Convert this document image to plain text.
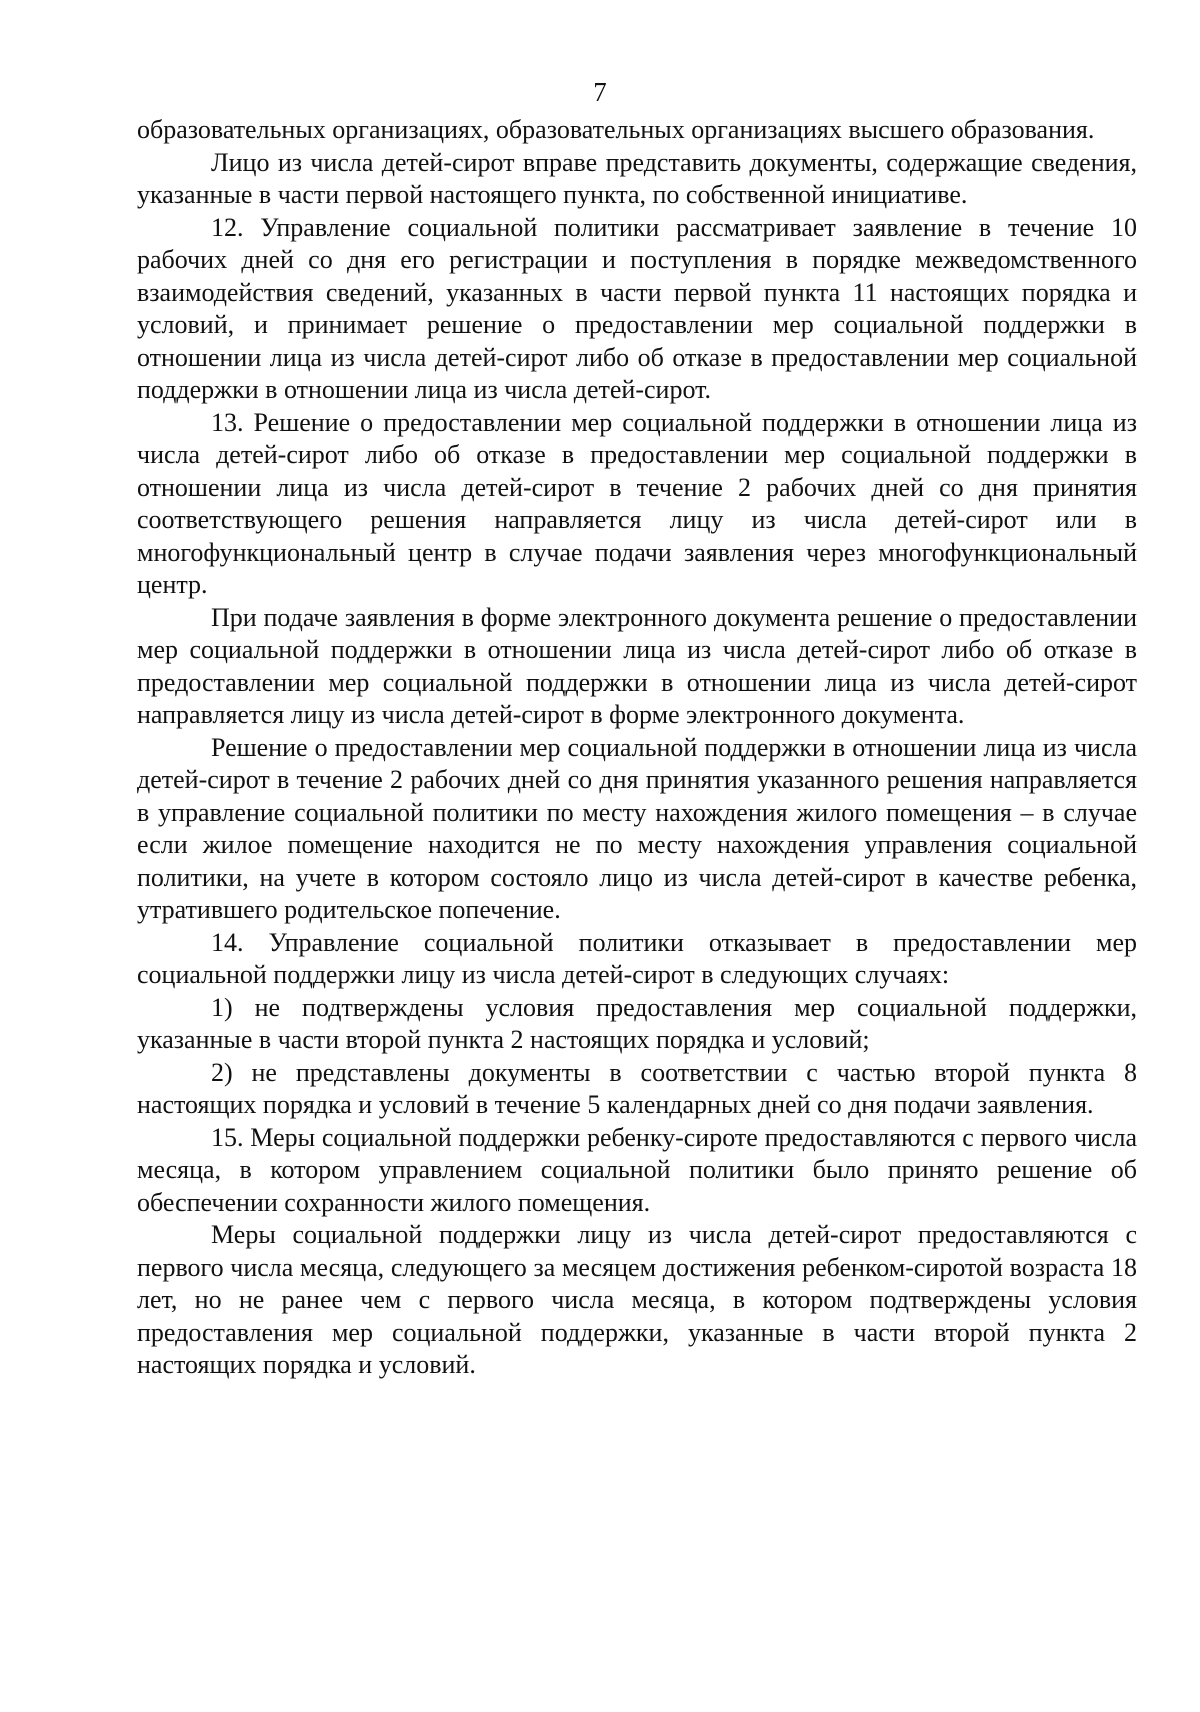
7

образовательных организациях, образовательных организациях высшего образования.

Лицо из числа детей-сирот вправе представить документы, содержащие сведения, указанные в части первой настоящего пункта, по собственной инициативе.

12. Управление социальной политики рассматривает заявление в течение 10 рабочих дней со дня его регистрации и поступления в порядке межведомственного взаимодействия сведений, указанных в части первой пункта 11 настоящих порядка и условий, и принимает решение о предоставлении мер социальной поддержки в отношении лица из числа детей-сирот либо об отказе в предоставлении мер социальной поддержки в отношении лица из числа детей-сирот.

13. Решение о предоставлении мер социальной поддержки в отношении лица из числа детей-сирот либо об отказе в предоставлении мер социальной поддержки в отношении лица из числа детей-сирот в течение 2 рабочих дней со дня принятия соответствующего решения направляется лицу из числа детей-сирот или в многофункциональный центр в случае подачи заявления через многофункциональный центр.

При подаче заявления в форме электронного документа решение о предоставлении мер социальной поддержки в отношении лица из числа детей-сирот либо об отказе в предоставлении мер социальной поддержки в отношении лица из числа детей-сирот направляется лицу из числа детей-сирот в форме электронного документа.

Решение о предоставлении мер социальной поддержки в отношении лица из числа детей-сирот в течение 2 рабочих дней со дня принятия указанного решения направляется в управление социальной политики по месту нахождения жилого помещения – в случае если жилое помещение находится не по месту нахождения управления социальной политики, на учете в котором состояло лицо из числа детей-сирот в качестве ребенка, утратившего родительское попечение.

14. Управление социальной политики отказывает в предоставлении мер социальной поддержки лицу из числа детей-сирот в следующих случаях:

1) не подтверждены условия предоставления мер социальной поддержки, указанные в части второй пункта 2 настоящих порядка и условий;

2) не представлены документы в соответствии с частью второй пункта 8 настоящих порядка и условий в течение 5 календарных дней со дня подачи заявления.

15. Меры социальной поддержки ребенку-сироте предоставляются с первого числа месяца, в котором управлением социальной политики было принято решение об обеспечении сохранности жилого помещения.

Меры социальной поддержки лицу из числа детей-сирот предоставляются с первого числа месяца, следующего за месяцем достижения ребенком-сиротой возраста 18 лет, но не ранее чем с первого числа месяца, в котором подтверждены условия предоставления мер социальной поддержки, указанные в части второй пункта 2 настоящих порядка и условий.
